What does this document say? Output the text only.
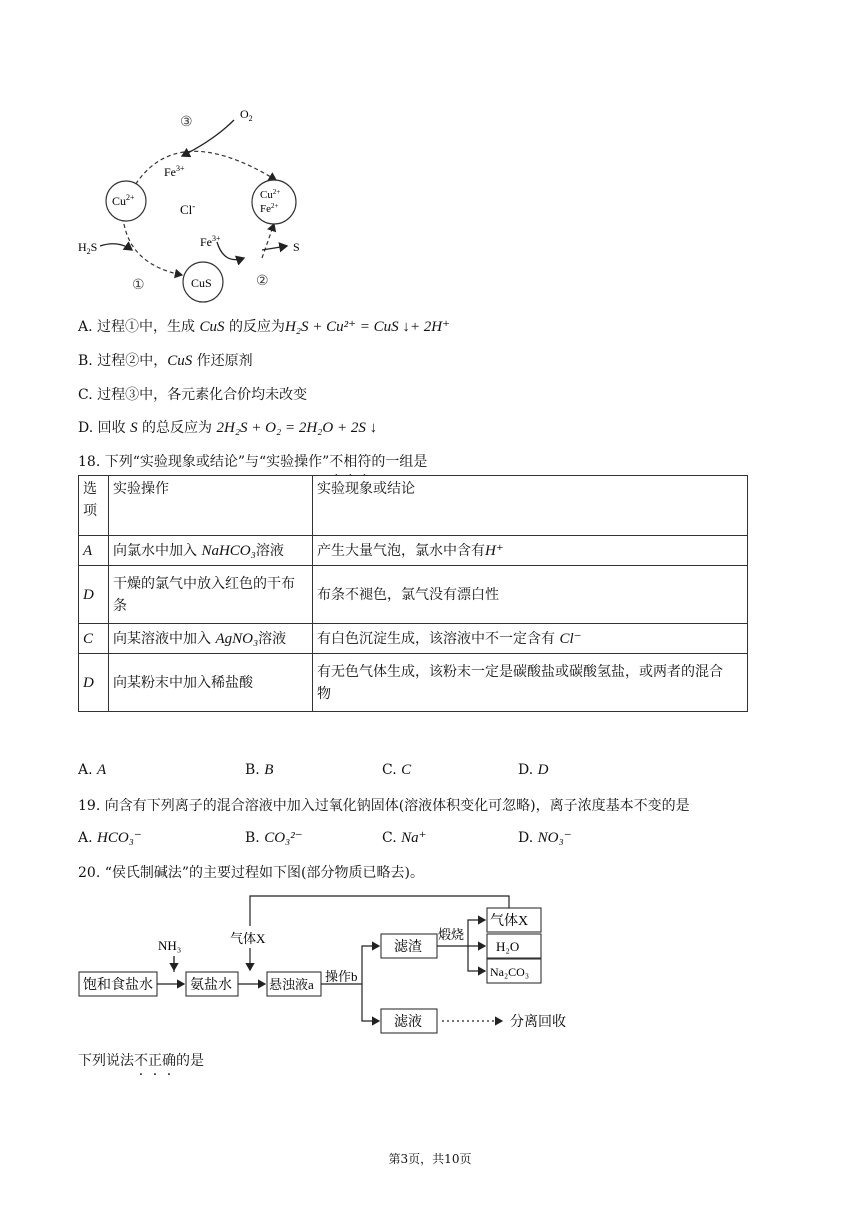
③
$O_2$
$Fe^{3+}$
$Cu^{2+}$	$Cu^{2+}$
$Fe^{2+}$
Cl-
$H_2S$	$Fe^{3+}$
S
①	CuS	②
A. 过程①中，生成 CuS 的反应为H₂S + Cu²⁺ = CuS ↓+ 2H⁺
B. 过程②中，CuS 作还原剂
C. 过程③中，各元素化合价均未改变
D. 回收 S 的总反应为 2H₂S + O₂ = 2H₂O + 2S ↓
18. 下列“实验现象或结论”与“实验操作”不相符的一组是
选
项	实验操作	实验现象或结论
A	向氯水中加入 NaHCO₃溶液	产生大量气泡，氯水中含有H⁺
D	干燥的氯气中放入红色的干布
条	布条不褪色，氯气没有漂白性
C	向某溶液中加入 AgNO₃溶液	有白色沉淀生成，该溶液中不一定含有 Cl⁻
D	向某粉末中加入稀盐酸	有无色气体生成，该粉末一定是碳酸盐或碳酸氢盐，或两者的混合
物
A. A	B. B	C. C	D. D
19. 向含有下列离子的混合溶液中加入过氧化钠固体(溶液体积变化可忽略)，离子浓度基本不变的是
A. HCO₃⁻	B. CO₃²⁻	C. Na⁺	D. NO₃⁻
20. “侯氏制碱法”的主要过程如下图(部分物质已略去)。
饱和食盐水
NH₃
氨盐水
气体X
悬浊液a
操作b
滤渣
煅烧
气体X
H₂O
Na₂CO₃
滤液	分离回收
下列说法不正确的是
第3页，共10页
